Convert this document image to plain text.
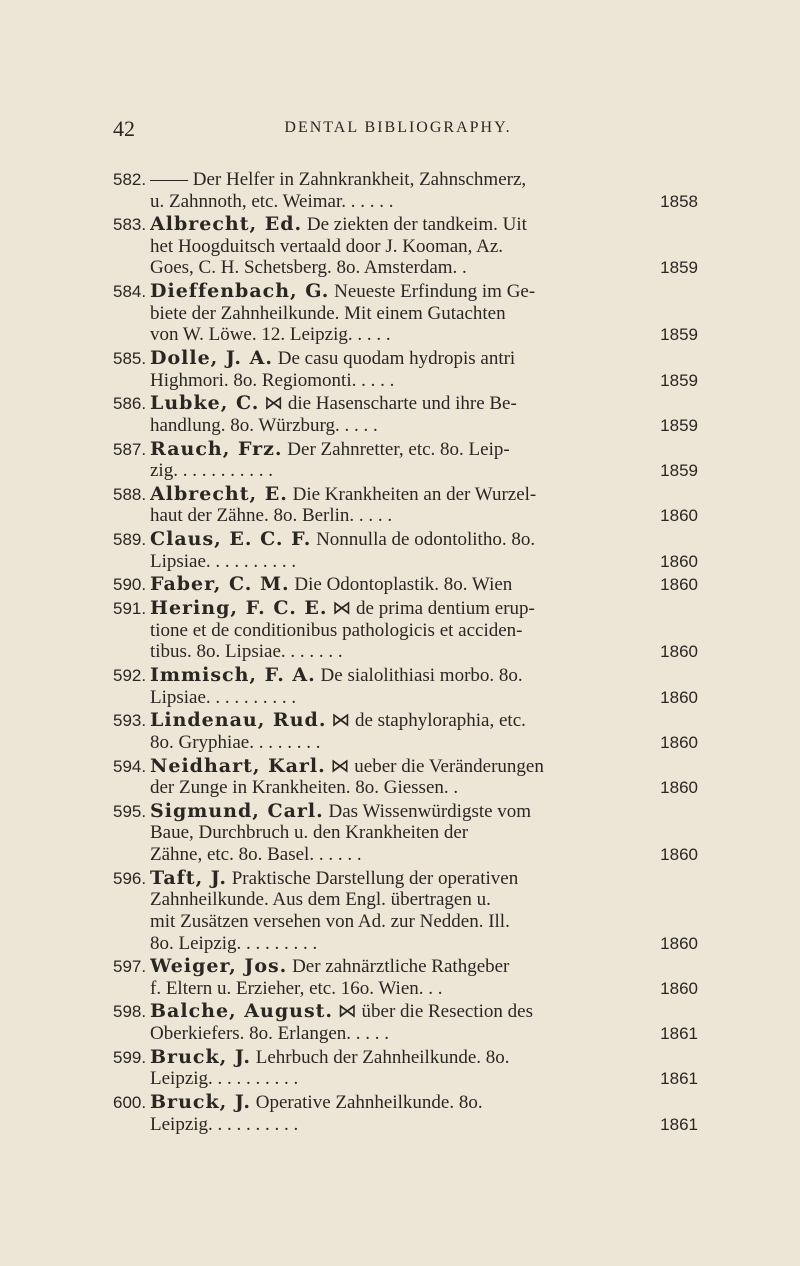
42	DENTAL BIBLIOGRAPHY.
582. —— Der Helfer in Zahnkrankheit, Zahnschmerz,
u. Zahnnoth, etc. Weimar. . . . . .	1858
583. Albrecht, Ed. De ziekten der tandkeim. Uit
het Hoogduitsch vertaald door J. Kooman, Az.
Goes, C. H. Schetsberg. 8o. Amsterdam. .	1859
584. Dieffenbach, G. Neueste Erfindung im Ge-
biete der Zahnheilkunde. Mit einem Gutachten
von W. Löwe. 12. Leipzig. . . . .	1859
585. Dolle, J. A. De casu quodam hydropis antri
Highmori. 8o. Regiomonti. . . . .	1859
586. Lubke, C. ⋈ die Hasenscharte und ihre Be-
handlung. 8o. Würzburg. . . . .	1859
587. Rauch, Frz. Der Zahnretter, etc. 8o. Leip-
zig. . . . . . . . . . .	1859
588. Albrecht, E. Die Krankheiten an der Wurzel-
haut der Zähne. 8o. Berlin. . . . .	1860
589. Claus, E. C. F. Nonnulla de odontolitho. 8o.
Lipsiae. . . . . . . . . .	1860
590. Faber, C. M. Die Odontoplastik. 8o. Wien	1860
591. Hering, F. C. E. ⋈ de prima dentium erup-
tione et de conditionibus pathologicis et acciden-
tibus. 8o. Lipsiae. . . . . . .	1860
592. Immisch, F. A. De sialolithiasi morbo. 8o.
Lipsiae. . . . . . . . . .	1860
593. Lindenau, Rud. ⋈ de staphyloraphia, etc.
8o. Gryphiae. . . . . . . .	1860
594. Neidhart, Karl. ⋈ ueber die Veränderungen
der Zunge in Krankheiten. 8o. Giessen. .	1860
595. Sigmund, Carl. Das Wissenwürdigste vom
Baue, Durchbruch u. den Krankheiten der
Zähne, etc. 8o. Basel. . . . . .	1860
596. Taft, J. Praktische Darstellung der operativen
Zahnheilkunde. Aus dem Engl. übertragen u.
mit Zusätzen versehen von Ad. zur Nedden. Ill.
8o. Leipzig. . . . . . . . .	1860
597. Weiger, Jos. Der zahnärztliche Rathgeber
f. Eltern u. Erzieher, etc. 16o. Wien. . .	1860
598. Balche, August. ⋈ über die Resection des
Oberkiefers. 8o. Erlangen. . . . .	1861
599. Bruck, J. Lehrbuch der Zahnheilkunde. 8o.
Leipzig. . . . . . . . . .	1861
600. Bruck, J. Operative Zahnheilkunde. 8o.
Leipzig. . . . . . . . . .	1861
